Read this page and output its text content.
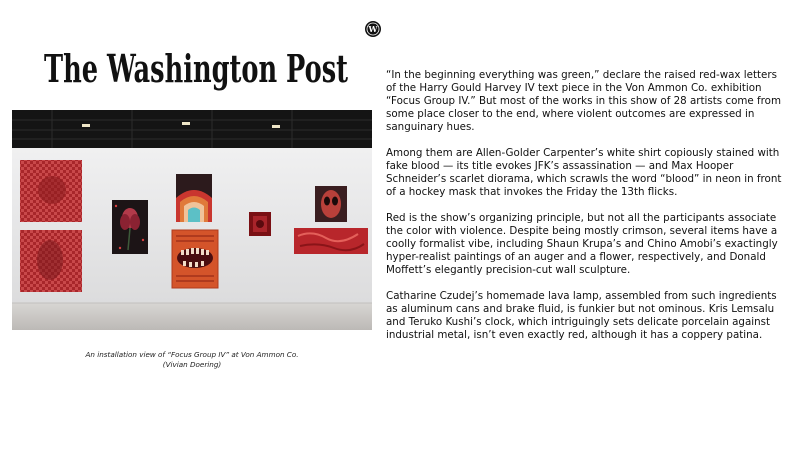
W
The Washington Post
An installation view of “Focus Group IV” at Von Ammon Co.
(Vivian Doering)

“In the beginning everything was green,” declare the raised red-wax letters of the Harry Gould Harvey IV text piece in the Von Ammon Co. exhibition “Focus Group IV.” But most of the works in this show of 28 artists come from some place closer to the end, where violent outcomes are expressed in sanguinary hues.

Among them are Allen-Golder Carpenter’s white shirt copiously stained with fake blood — its title evokes JFK’s assassination — and Max Hooper Schneider’s scarlet diorama, which scrawls the word “blood” in neon in front of a hockey mask that invokes the Friday the 13th flicks.

Red is the show’s organizing principle, but not all the participants associate the color with violence. Despite being mostly crimson, several items have a coolly formalist vibe, including Shaun Krupa’s and Chino Amobi’s exactingly hyper-realist paintings of an auger and a flower, respectively, and Donald Moffett’s elegantly precision-cut wall sculpture.

Catharine Czudej’s homemade lava lamp, assembled from such ingredients as aluminum cans and brake fluid, is funkier but not ominous. Kris Lemsalu and Teruko Kushi’s clock, which intriguingly sets delicate porcelain against industrial metal, isn’t even exactly red, although it has a coppery patina.
